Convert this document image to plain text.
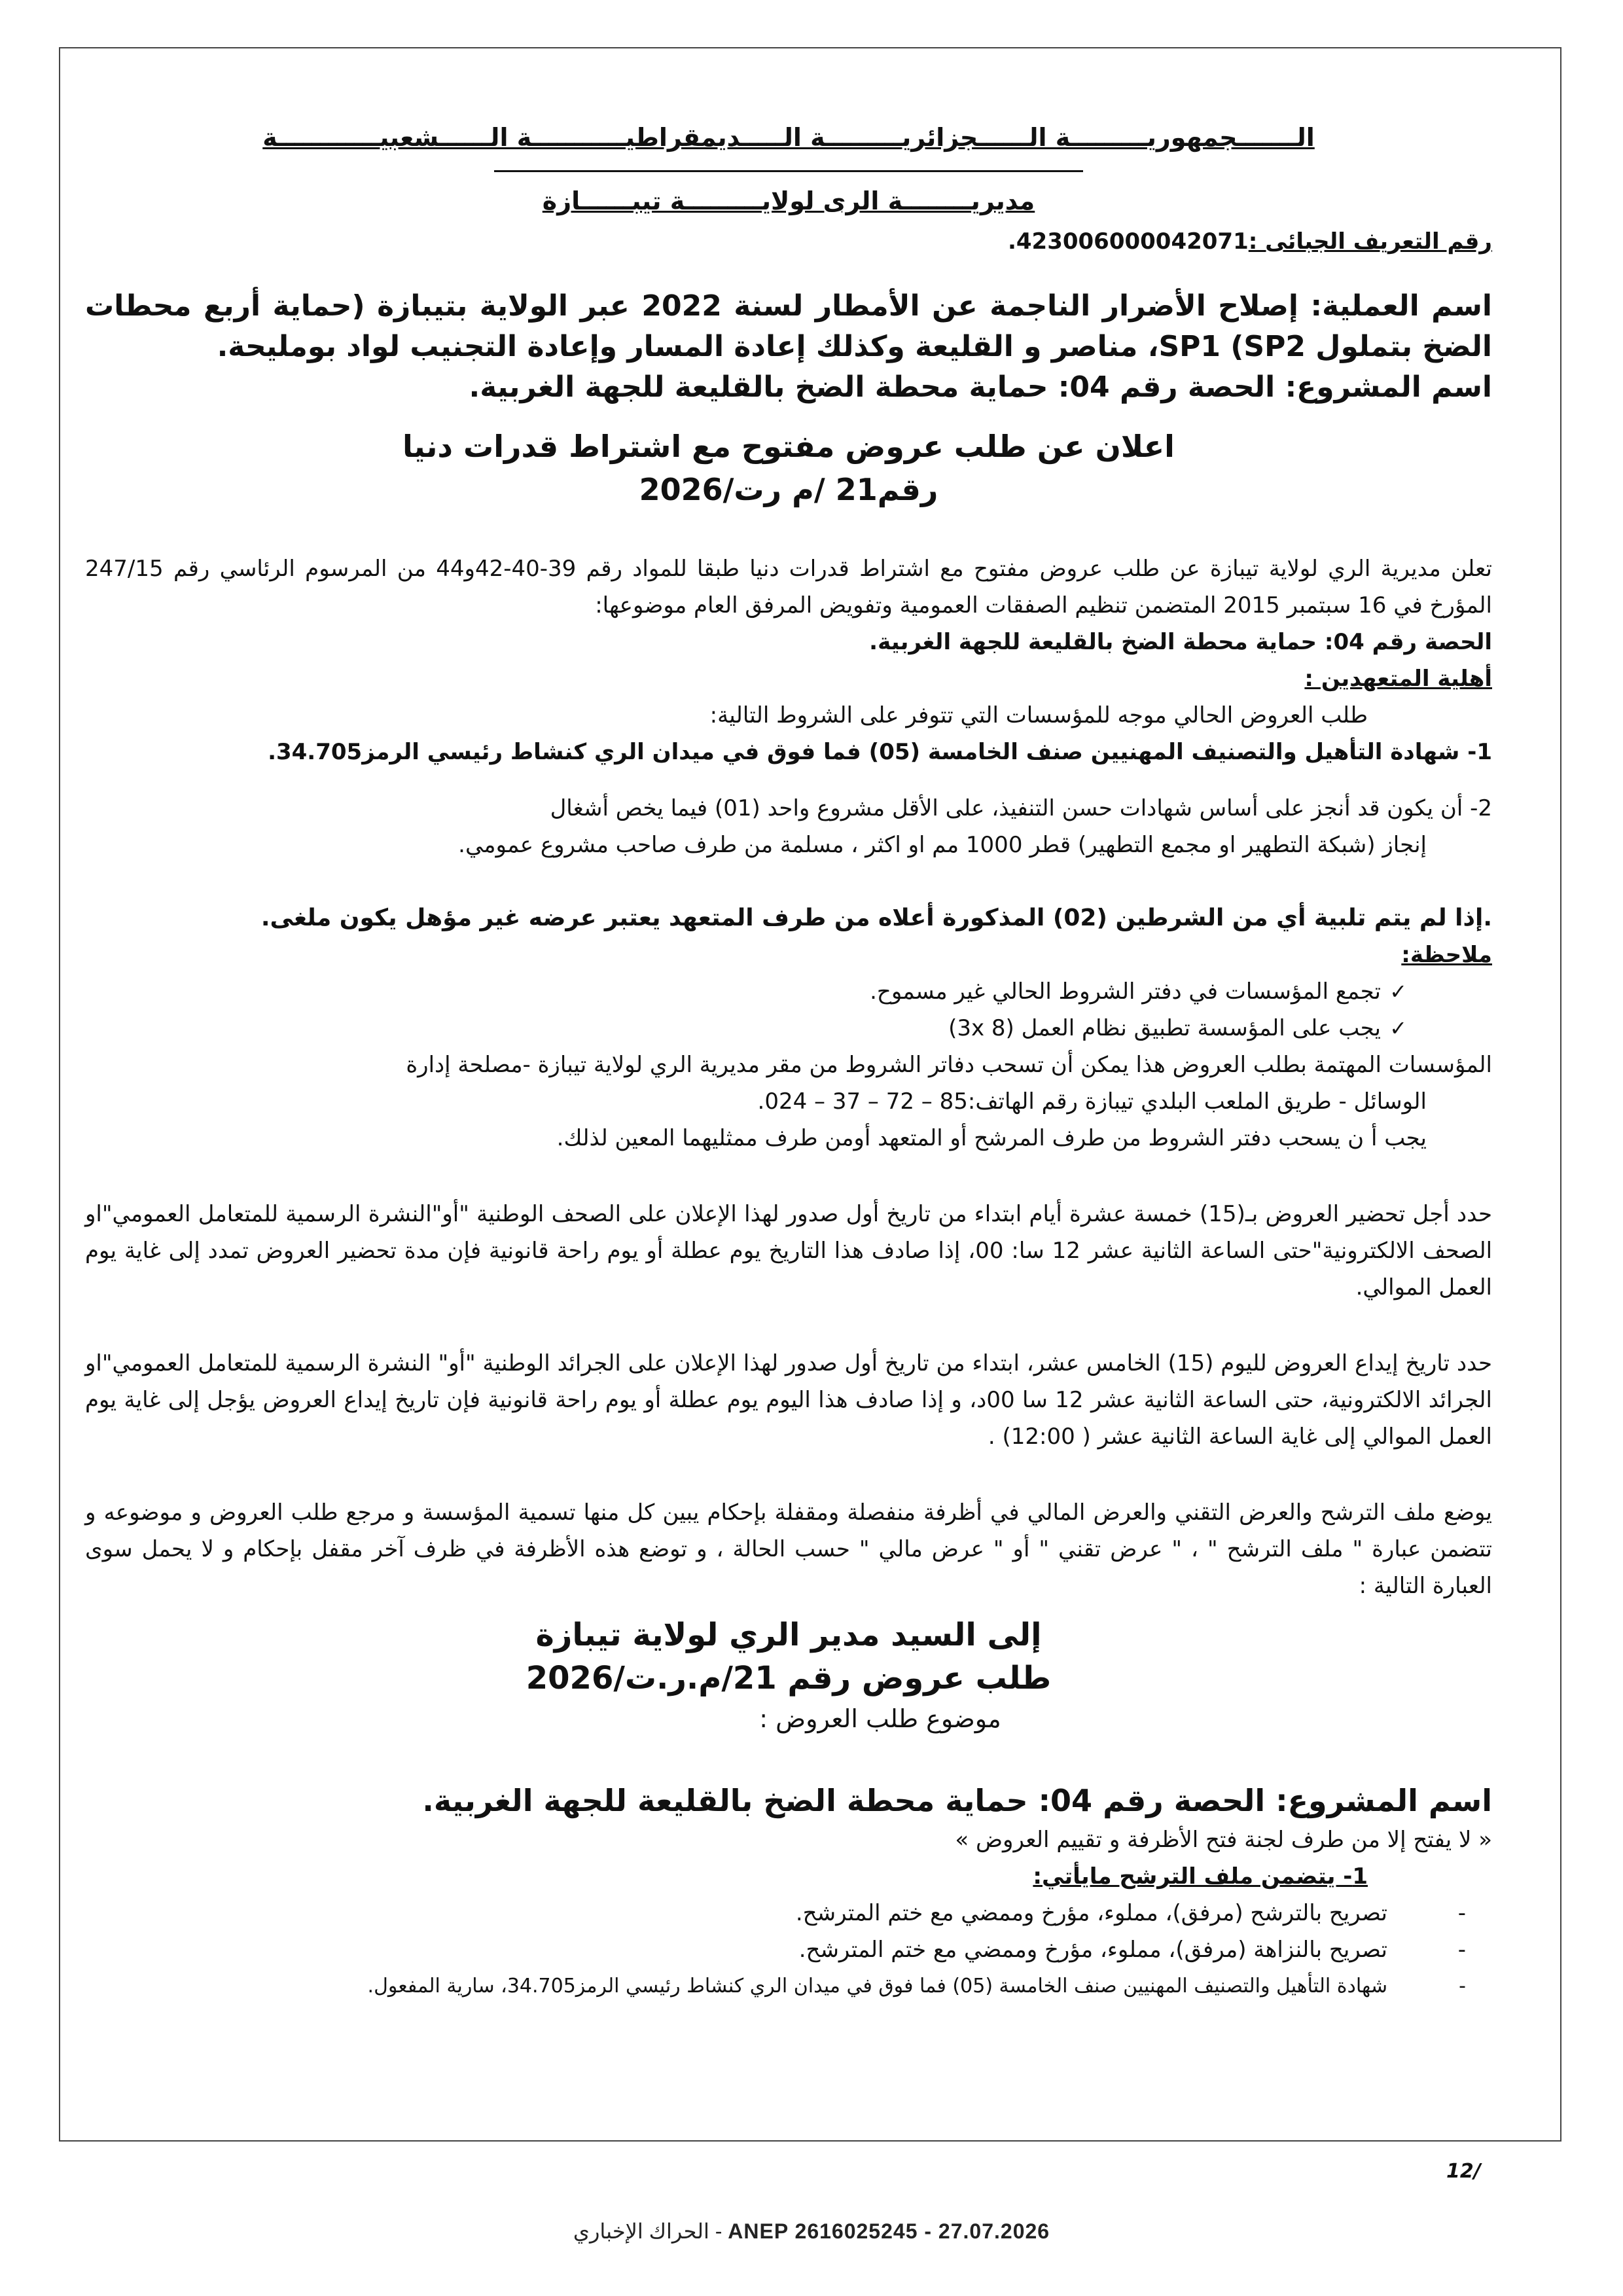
الـــــــجمهوريـــــــــة الــــــجزائريـــــــــة الـــــديمقراطيـــــــــــة الــــــشعبيــــــــــــة
مديريــــــــة الرى لولايـــــــــة تيبــــــازة
رقم التعريف الجبائى :42300600004207‎1.
اسم العملية: إصلاح الأضرار الناجمة عن الأمطار لسنة 2022 عبر الولاية بتيبازة (حماية أربع محطات الضخ بتملول SP1 (SP2، مناصر و القليعة وكذلك إعادة المسار وإعادة التجنيب لواد بومليحة.
اسم المشروع: الحصة رقم 04: حماية محطة الضخ بالقليعة للجهة الغربية.
اعلان عن طلب عروض مفتوح مع اشتراط قدرات دنيا
رقم21 /م رت/2026
تعلن مديرية الري لولاية تيبازة عن طلب عروض مفتوح مع اشتراط قدرات دنيا طبقا للمواد رقم 39-40-42و44 من المرسوم الرئاسي رقم 247/15 المؤرخ في 16 سبتمبر 2015 المتضمن تنظيم الصفقات العمومية وتفويض المرفق العام موضوعها:
الحصة رقم 04: حماية محطة الضخ بالقليعة للجهة الغربية.
أهلية المتعهدين :
طلب العروض الحالي موجه للمؤسسات التي تتوفر على الشروط التالية:
1- شهادة التأهيل والتصنيف المهنيين صنف الخامسة (05) فما فوق في ميدان الري كنشاط رئيسي الرمز34.705.
2- أن يكون قد أنجز على أساس شهادات حسن التنفيذ، على الأقل مشروع واحد (01) فيما يخص أشغال
إنجاز (شبكة التطهير او مجمع التطهير) قطر 1000 مم او اكثر ، مسلمة من طرف صاحب مشروع عمومي.
.إذا لم يتم تلبية أي من الشرطين (02) المذكورة أعلاه من طرف المتعهد يعتبر عرضه غير مؤهل يكون ملغى.
ملاحظة:
✓تجمع المؤسسات في دفتر الشروط الحالي غير مسموح.
✓يجب على المؤسسة تطبيق نظام العمل (3x 8)
المؤسسات المهتمة بطلب العروض هذا يمكن أن تسحب دفاتر الشروط من مقر مديرية الري لولاية تيبازة -مصلحة إدارة
الوسائل - طريق الملعب البلدي تيبازة رقم الهاتف:85 – 72 – 37 – 024.
يجب أ ن يسحب دفتر الشروط من طرف المرشح أو المتعهد أومن طرف ممثليهما المعين لذلك.
حدد أجل تحضير العروض بـ(15) خمسة عشرة أيام ابتداء من تاريخ أول صدور لهذا الإعلان على الصحف الوطنية "أو"النشرة الرسمية للمتعامل العمومي"او الصحف الالكترونية"حتى الساعة الثانية عشر 12 سا: 00، إذا صادف هذا التاريخ يوم عطلة أو يوم راحة قانونية فإن مدة تحضير العروض تمدد إلى غاية يوم العمل الموالي.
حدد تاريخ إيداع العروض لليوم (15) الخامس عشر، ابتداء من تاريخ أول صدور لهذا الإعلان على الجرائد الوطنية "أو" النشرة الرسمية للمتعامل العمومي"او الجرائد الالكترونية، حتى الساعة الثانية عشر 12 سا 00د، و إذا صادف هذا اليوم يوم عطلة أو يوم راحة قانونية فإن تاريخ إيداع العروض يؤجل إلى غاية يوم العمل الموالي إلى غاية الساعة الثانية عشر ( 12:00) .
يوضع ملف الترشح والعرض التقني والعرض المالي في أظرفة منفصلة ومقفلة بإحكام يبين كل منها تسمية المؤسسة و مرجع طلب العروض و موضوعه و تتضمن عبارة " ملف الترشح " ، " عرض تقني " أو " عرض مالي " حسب الحالة ، و توضع هذه الأظرفة في ظرف آخر مقفل بإحكام و لا يحمل سوى العبارة التالية :
إلى السيد مدير الري لولاية تيبازة
طلب عروض رقم 21/م.ر.ت/2026
موضوع طلب العروض :
اسم المشروع: الحصة رقم 04: حماية محطة الضخ بالقليعة للجهة الغربية.
« لا يفتح إلا من طرف لجنة فتح الأظرفة و تقييم العروض »
1- يتضمن ملف الترشح مايأتي:
-تصريح بالترشح (مرفق)، مملوء، مؤرخ وممضي مع ختم المترشح.
-تصريح بالنزاهة (مرفق)، مملوء، مؤرخ وممضي مع ختم المترشح.
-شهادة التأهيل والتصنيف المهنيين صنف الخامسة (05) فما فوق في ميدان الري كنشاط رئيسي الرمز34.705، سارية المفعول.
12/
الحراك الإخباري - ANEP 2616025245 - 27.07.2026
